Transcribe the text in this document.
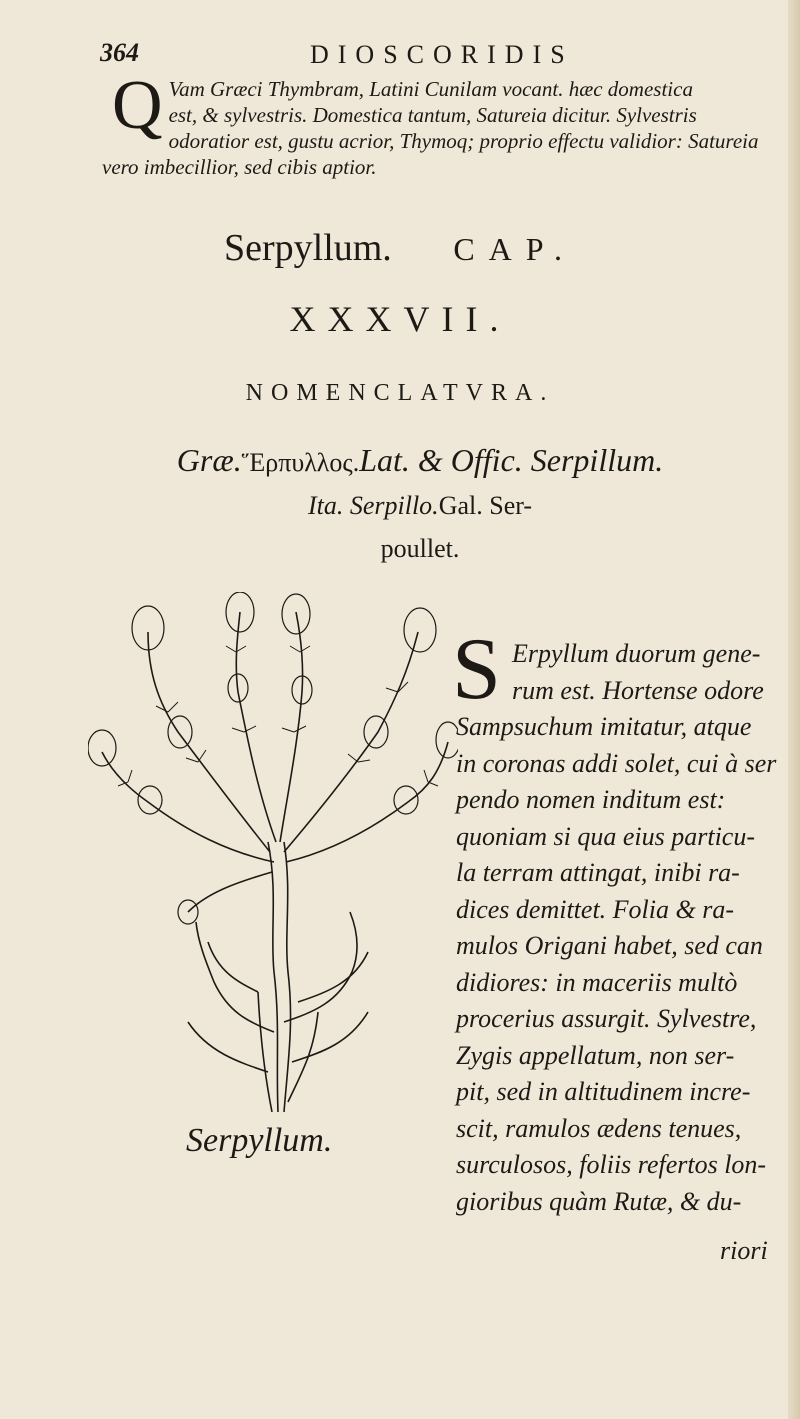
364	DIOSCORIDIS
Q Vam Græci Thymbram, Latini Cunilam vocant. hæc domestica
est, & sylvestris. Domestica tantum, Satureia dicitur. Sylvestris
odoratior est, gustu acrior, Thymoq; proprio effectu validior: Satureia
vero imbecillior, sed cibis aptior.
Serpyllum. CAP.
XXXVII.
NOMENCLATVRA.
Græ.Ἕρπυλλος.Lat. & Offic. Serpillum.
Ita. Serpillo.Gal. Ser-
poullet.
Serpyllum.
S Erpyllum duorum gene-
rum est. Hortense odore
Sampsuchum imitatur, atque
in coronas addi solet, cui à ser
pendo nomen inditum est:
quoniam si qua eius particu-
la terram attingat, inibi ra-
dices demittet. Folia & ra-
mulos Origani habet, sed can
didiores: in maceriis multò
procerius assurgit. Sylvestre,
Zygis appellatum, non ser-
pit, sed in altitudinem incre-
scit, ramulos ædens tenues,
surculosos, foliis refertos lon-
gioribus quàm Rutæ, & du-
riori
